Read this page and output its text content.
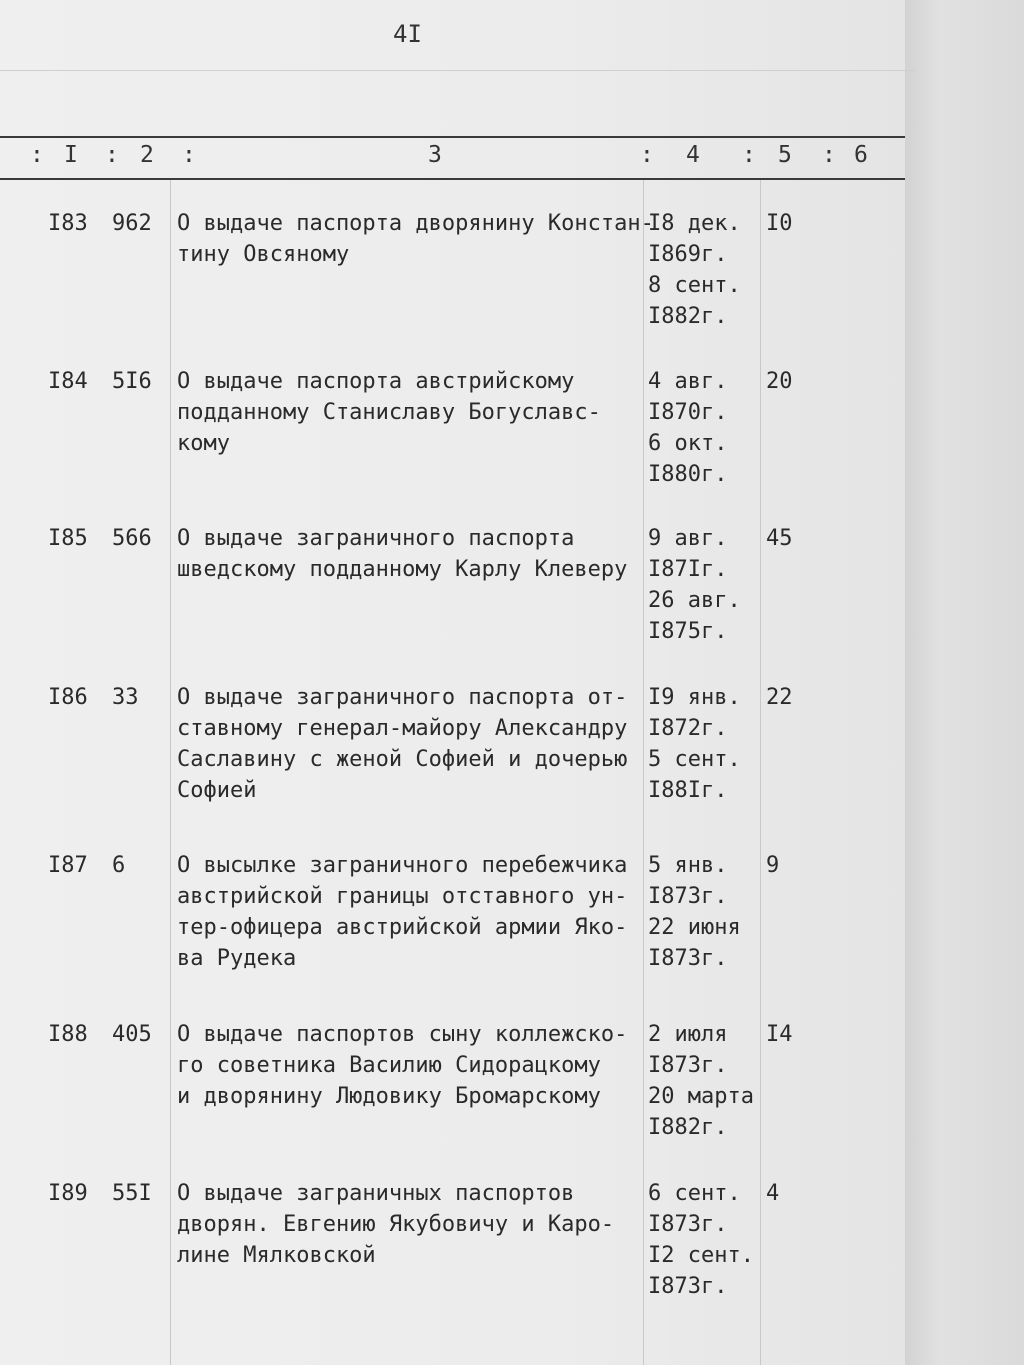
4I
: I : 2 :	3	: 4 : 5 : 6
I83 962 О выдаче паспорта дворянину Констан-
тину Овсяному
I8 дек.
I869г.
8 сент.
I882г.
I0
I84 5I6 О выдаче паспорта австрийскому
подданному Станиславу Богуславс-
кому
4 авг.
I870г.
6 окт.
I880г.
20
I85 566 О выдаче заграничного паспорта
шведскому подданному Карлу Клеверу
9 авг.
I87Iг.
26 авг.
I875г.
45
I86 33 О выдаче заграничного паспорта от-
ставному генерал-майору Александру
Саславину с женой Софией и дочерью
Софией
I9 янв.
I872г.
5 сент.
I88Iг.
22
I87 6 О высылке заграничного перебежчика
австрийской границы отставного ун-
тер-офицера австрийской армии Яко-
ва Рудека
5 янв.
I873г.
22 июня
I873г.
9
I88 405 О выдаче паспортов сыну коллежско-
го советника Василию Сидорацкому
и дворянину Людовику Бромарскому
2 июля
I873г.
20 марта
I882г.
I4
I89 55I О выдаче заграничных паспортов
дворян. Евгению Якубовичу и Каро-
лине Мялковской
6 сент.
I873г.
I2 сент.
I873г.
4
